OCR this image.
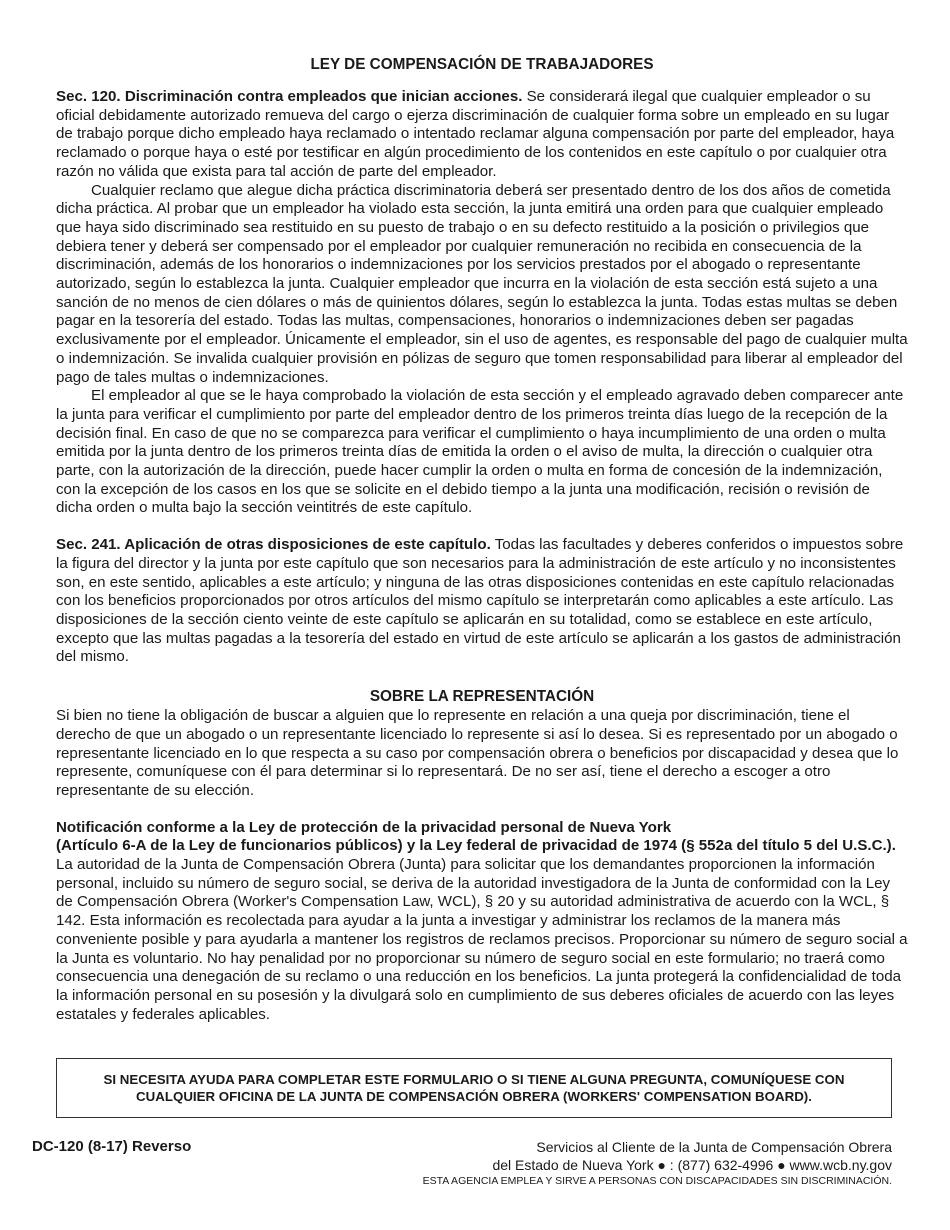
LEY DE COMPENSACIÓN DE TRABAJADORES

Sec. 120. Discriminación contra empleados que inician acciones. Se considerará ilegal que cualquier empleador o su oficial debidamente autorizado remueva del cargo o ejerza discriminación de cualquier forma sobre un empleado en su lugar de trabajo porque dicho empleado haya reclamado o intentado reclamar alguna compensación por parte del empleador, haya reclamado o porque haya o esté por testificar en algún procedimiento de los contenidos en este capítulo o por cualquier otra razón no válida que exista para tal acción de parte del empleador.

Cualquier reclamo que alegue dicha práctica discriminatoria deberá ser presentado dentro de los dos años de cometida dicha práctica. Al probar que un empleador ha violado esta sección, la junta emitirá una orden para que cualquier empleado que haya sido discriminado sea restituido en su puesto de trabajo o en su defecto restituido a la posición o privilegios que debiera tener y deberá ser compensado por el empleador por cualquier remuneración no recibida en consecuencia de la discriminación, además de los honorarios o indemnizaciones por los servicios prestados por el abogado o representante autorizado, según lo establezca la junta. Cualquier empleador que incurra en la violación de esta sección está sujeto a una sanción de no menos de cien dólares o más de quinientos dólares, según lo establezca la junta. Todas estas multas se deben pagar en la tesorería del estado. Todas las multas, compensaciones, honorarios o indemnizaciones deben ser pagadas exclusivamente por el empleador. Únicamente el empleador, sin el uso de agentes, es responsable del pago de cualquier multa o indemnización. Se invalida cualquier provisión en pólizas de seguro que tomen responsabilidad para liberar al empleador del pago de tales multas o indemnizaciones.

El empleador al que se le haya comprobado la violación de esta sección y el empleado agravado deben comparecer ante la junta para verificar el cumplimiento por parte del empleador dentro de los primeros treinta días luego de la recepción de la decisión final. En caso de que no se comparezca para verificar el cumplimiento o haya incumplimiento de una orden o multa emitida por la junta dentro de los primeros treinta días de emitida la orden o el aviso de multa, la dirección o cualquier otra parte, con la autorización de la dirección, puede hacer cumplir la orden o multa en forma de concesión de la indemnización, con la excepción de los casos en los que se solicite en el debido tiempo a la junta una modificación, recisión o revisión de dicha orden o multa bajo la sección veintitrés de este capítulo.

Sec. 241. Aplicación de otras disposiciones de este capítulo. Todas las facultades y deberes conferidos o impuestos sobre la figura del director y la junta por este capítulo que son necesarios para la administración de este artículo y no inconsistentes son, en este sentido, aplicables a este artículo; y ninguna de las otras disposiciones contenidas en este capítulo relacionadas con los beneficios proporcionados por otros artículos del mismo capítulo se interpretarán como aplicables a este artículo. Las disposiciones de la sección ciento veinte de este capítulo se aplicarán en su totalidad, como se establece en este artículo, excepto que las multas pagadas a la tesorería del estado en virtud de este artículo se aplicarán a los gastos de administración del mismo.

SOBRE LA REPRESENTACIÓN

Si bien no tiene la obligación de buscar a alguien que lo represente en relación a una queja por discriminación, tiene el derecho de que un abogado o un representante licenciado lo represente si así lo desea. Si es representado por un abogado o representante licenciado en lo que respecta a su caso por compensación obrera o beneficios por discapacidad y desea que lo represente, comuníquese con él para determinar si lo representará. De no ser así, tiene el derecho a escoger a otro representante de su elección.

Notificación conforme a la Ley de protección de la privacidad personal de Nueva York

(Artículo 6-A de la Ley de funcionarios públicos) y la Ley federal de privacidad de 1974 (§ 552a del título 5 del U.S.C.).

La autoridad de la Junta de Compensación Obrera (Junta) para solicitar que los demandantes proporcionen la información personal, incluido su número de seguro social, se deriva de la autoridad investigadora de la Junta de conformidad con la Ley de Compensación Obrera (Worker's Compensation Law, WCL), § 20 y su autoridad administrativa de acuerdo con la WCL, § 142. Esta información es recolectada para ayudar a la junta a investigar y administrar los reclamos de la manera más conveniente posible y para ayudarla a mantener los registros de reclamos precisos. Proporcionar su número de seguro social a la Junta es voluntario. No hay penalidad por no proporcionar su número de seguro social en este formulario; no traerá como consecuencia una denegación de su reclamo o una reducción en los beneficios. La junta protegerá la confidencialidad de toda la información personal en su posesión y la divulgará solo en cumplimiento de sus deberes oficiales de acuerdo con las leyes estatales y federales aplicables.

SI NECESITA AYUDA PARA COMPLETAR ESTE FORMULARIO O SI TIENE ALGUNA PREGUNTA, COMUNÍQUESE CON CUALQUIER OFICINA DE LA JUNTA DE COMPENSACIÓN OBRERA (WORKERS' COMPENSATION BOARD).
DC-120 (8-17) Reverso	Servicios al Cliente de la Junta de Compensación Obrera
del Estado de Nueva York ● : (877) 632-4996 ● www.wcb.ny.gov
ESTA AGENCIA EMPLEA Y SIRVE A PERSONAS CON DISCAPACIDADES SIN DISCRIMINACIÓN.
